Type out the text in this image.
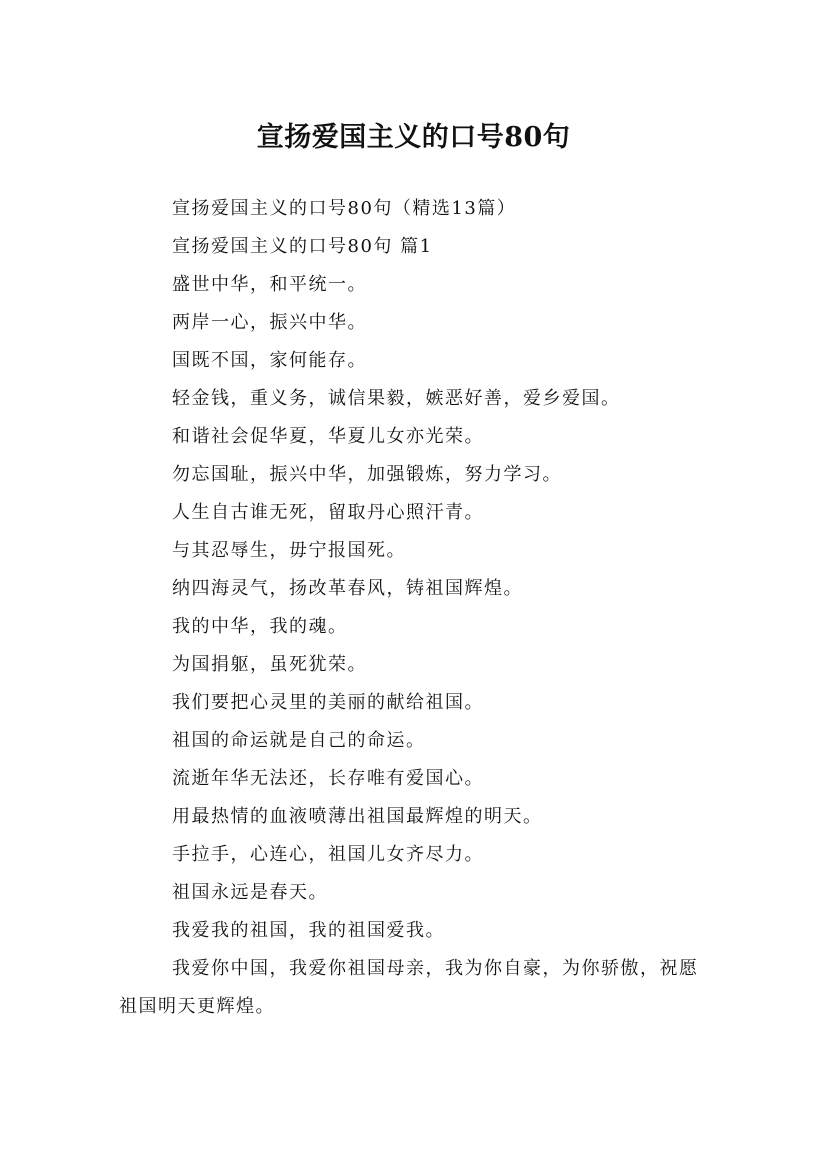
宣扬爱国主义的口号80句

宣扬爱国主义的口号80句（精选13篇）

宣扬爱国主义的口号80句 篇1

盛世中华，和平统一。

两岸一心，振兴中华。

国既不国，家何能存。

轻金钱，重义务，诚信果毅，嫉恶好善，爱乡爱国。

和谐社会促华夏，华夏儿女亦光荣。

勿忘国耻，振兴中华，加强锻炼，努力学习。

人生自古谁无死，留取丹心照汗青。

与其忍辱生，毋宁报国死。

纳四海灵气，扬改革春风，铸祖国辉煌。

我的中华，我的魂。

为国捐躯，虽死犹荣。

我们要把心灵里的美丽的献给祖国。

祖国的命运就是自己的命运。

流逝年华无法还，长存唯有爱国心。

用最热情的血液喷薄出祖国最辉煌的明天。

手拉手，心连心，祖国儿女齐尽力。

祖国永远是春天。

我爱我的祖国，我的祖国爱我。

我爱你中国，我爱你祖国母亲，我为你自豪，为你骄傲，祝愿祖国明天更辉煌。
